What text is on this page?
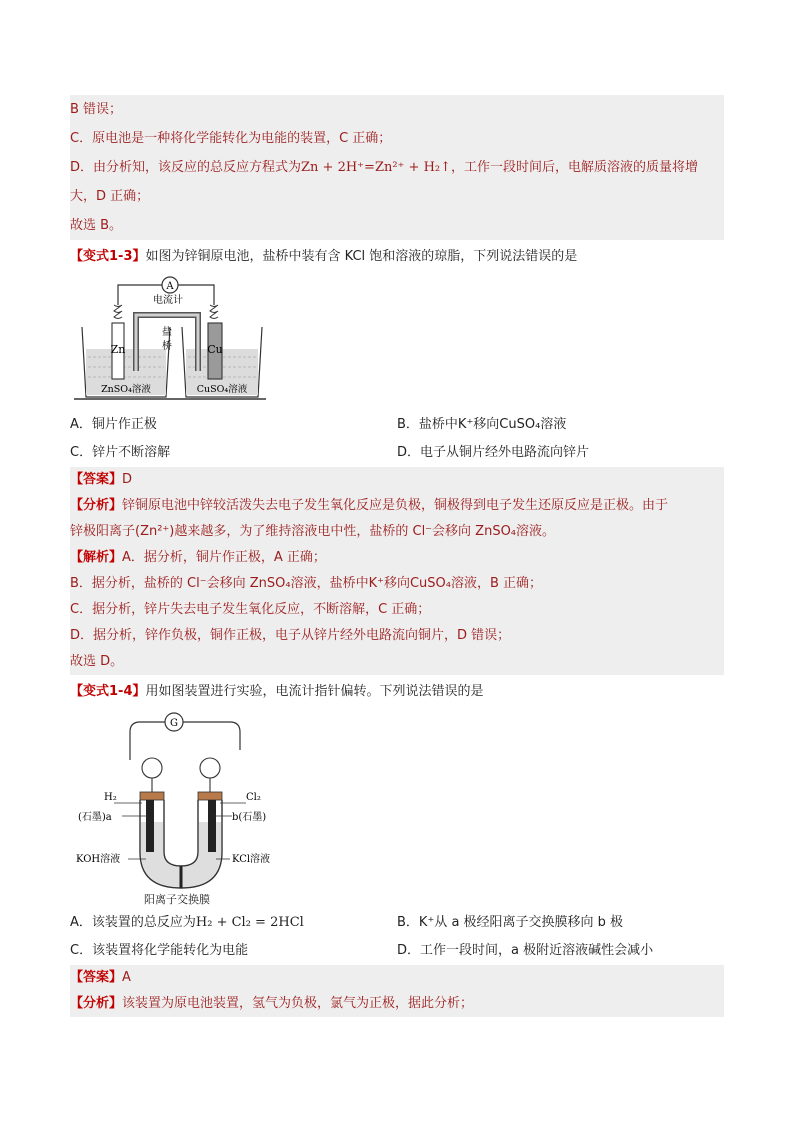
B 错误；
C．原电池是一种将化学能转化为电能的装置，C 正确；
D．由分析知，该反应的总反应方程式为Zn + 2H⁺=Zn²⁺ + H₂↑，工作一段时间后，电解质溶液的质量将增
大，D 正确；
故选 B。
【变式1-3】如图为锌铜原电池，盐桥中装有含 KCl 饱和溶液的琼脂，下列说法错误的是
A
电流计
Zn	Cu
盐
桥
ZnSO₄溶液	CuSO₄溶液
A．铜片作正极	B．盐桥中K⁺移向CuSO₄溶液
C．锌片不断溶解	D．电子从铜片经外电路流向锌片
【答案】D
【分析】锌铜原电池中锌较活泼失去电子发生氧化反应是负极，铜极得到电子发生还原反应是正极。由于
锌极阳离子(Zn²⁺)越来越多，为了维持溶液电中性，盐桥的 Cl⁻会移向 ZnSO₄溶液。
【解析】A．据分析，铜片作正极，A 正确；
B．据分析，盐桥的 Cl⁻会移向 ZnSO₄溶液，盐桥中K⁺移向CuSO₄溶液，B 正确；
C．据分析，锌片失去电子发生氧化反应，不断溶解，C 正确；
D．据分析，锌作负极，铜作正极，电子从锌片经外电路流向铜片，D 错误；
故选 D。
【变式1-4】用如图装置进行实验，电流计指针偏转。下列说法错误的是
G
H₂
(石墨)a
Cl₂
b(石墨)
KOH溶液	KCl溶液
阳离子交换膜
A．该装置的总反应为H₂ + Cl₂ = 2HCl	B．K⁺从 a 极经阳离子交换膜移向 b 极
C．该装置将化学能转化为电能	D．工作一段时间，a 极附近溶液碱性会减小
【答案】A
【分析】该装置为原电池装置，氢气为负极，氯气为正极，据此分析；
